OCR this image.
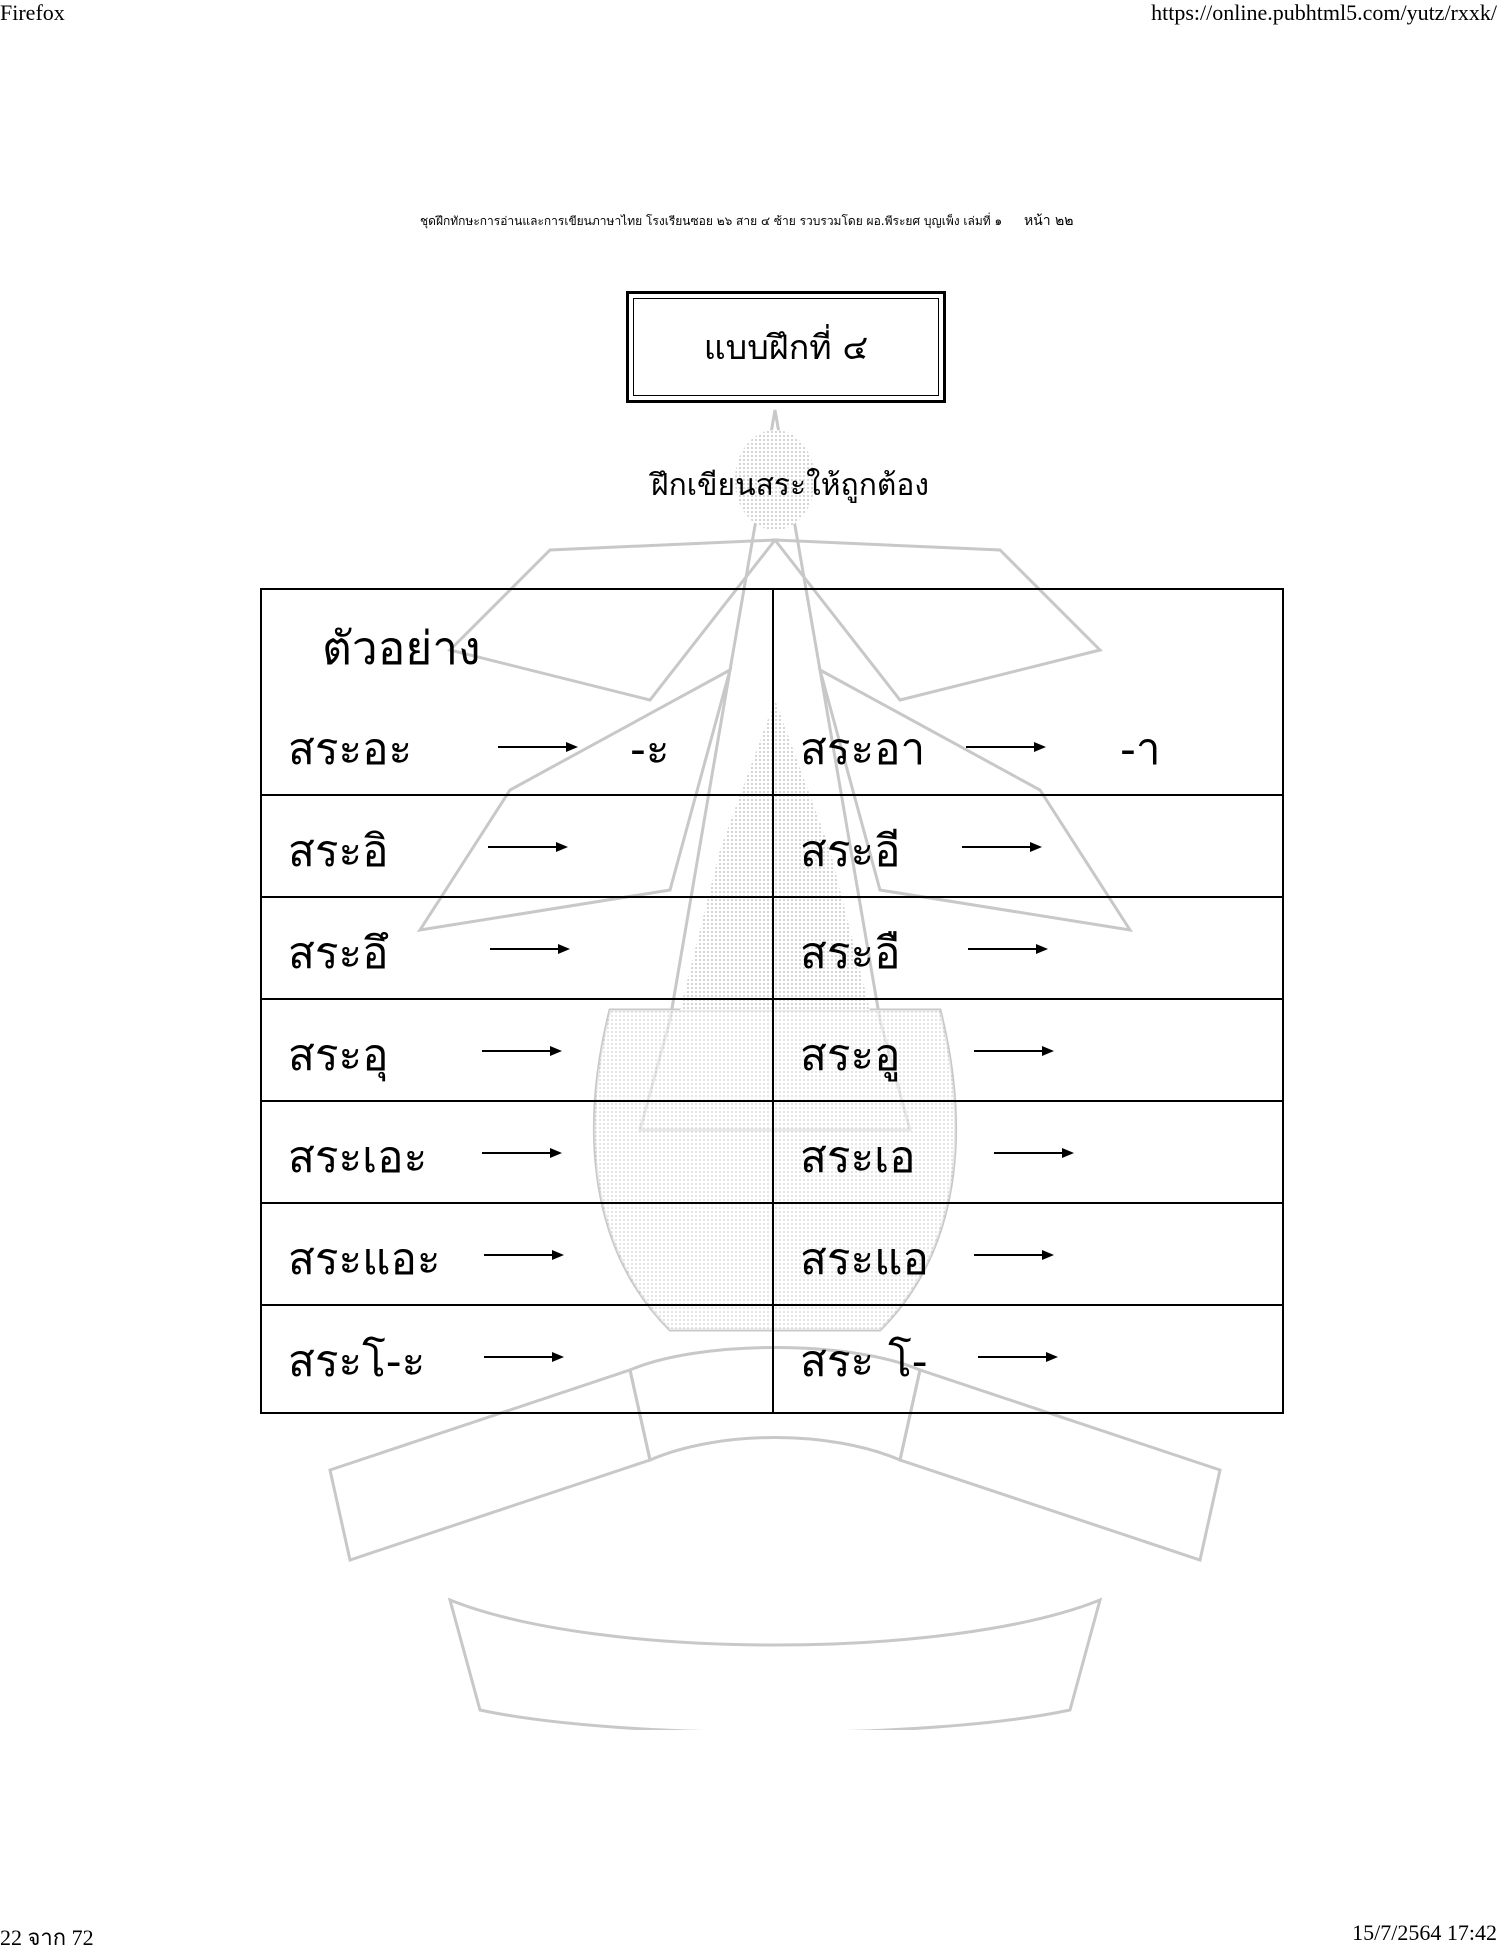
Firefox	https://online.pubhtml5.com/yutz/rxxk/
ชุดฝึกทักษะการอ่านและการเขียนภาษาไทย โรงเรียนซอย ๒๖ สาย ๔ ซ้าย รวบรวมโดย ผอ.พีระยศ บุญเพ็ง เล่มที่ ๑ หน้า ๒๒
แบบฝึกที่ ๔
ฝึกเขียนสระให้ถูกต้อง
ตัวอย่าง
สระอะ	-ะ	สระอา	-า
สระอิ	สระอี
สระอึ	สระอื
สระอุ	สระอู
สระเอะ	สระเอ
สระแอะ	สระแอ
สระโ-ะ	สระ โ-
22 จาก 72	15/7/2564 17:42
